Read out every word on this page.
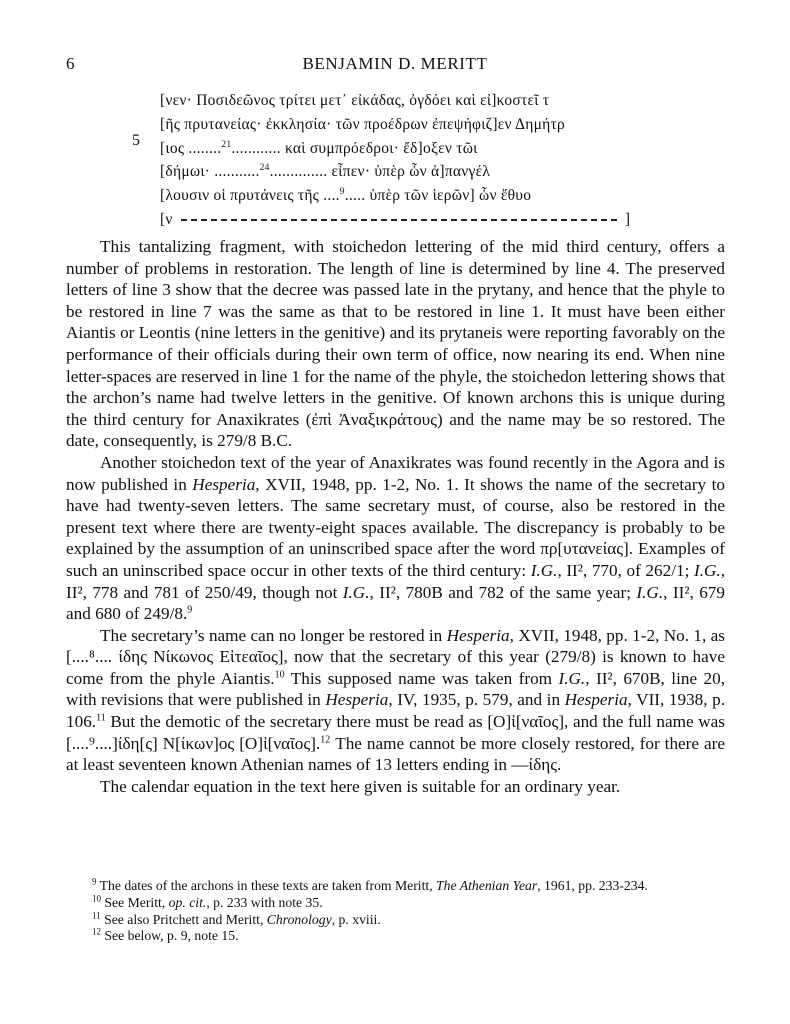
BENJAMIN D. MERITT
6
5
[νεν· Ποσιδεῶνος τρίτει μετ᾽ εἰκάδας, ὀγδόει καὶ εἰ]κοστεῖ τ
[ῆς πρυτανείας· ἐκκλησία· τῶν προέδρων ἐπεψήφιζ]εν Δημήτρ
[ιος ........$^{21}$............ καὶ συμπρόεδροι· ἔδ]οξεν τῶι
[δήμωι· ...........$^{24}$.............. εἶπεν· ὑπὲρ ὧν ἀ]πανγέλ
[λουσιν οἱ πρυτάνεις τῆς ....$^9$..... ὑπὲρ τῶν ἱερῶν] ὧν ἔθυο
[ν	]

This tantalizing fragment, with stoichedon lettering of the mid third century, offers a number of problems in restoration. The length of line is determined by line 4. The preserved letters of line 3 show that the decree was passed late in the prytany, and hence that the phyle to be restored in line 7 was the same as that to be restored in line 1. It must have been either Aiantis or Leontis (nine letters in the genitive) and its prytaneis were reporting favorably on the performance of their officials during their own term of office, now nearing its end. When nine letter-spaces are reserved in line 1 for the name of the phyle, the stoichedon lettering shows that the archon’s name had twelve letters in the genitive. Of known archons this is unique during the third century for Anaxikrates (ἐπὶ Ἀναξικράτους) and the name may be so restored. The date, consequently, is 279/8 B.C.

Another stoichedon text of the year of Anaxikrates was found recently in the Agora and is now published in Hesperia, XVII, 1948, pp. 1-2, No. 1. It shows the name of the secretary to have had twenty-seven letters. The same secretary must, of course, also be restored in the present text where there are twenty-eight spaces available. The discrepancy is probably to be explained by the assumption of an uninscribed space after the word πρ[υτανείας]. Examples of such an uninscribed space occur in other texts of the third century: I.G., II², 770, of 262/1; I.G., II², 778 and 781 of 250/49, though not I.G., II², 780B and 782 of the same year; I.G., II², 679 and 680 of 249/8.$^9$

The secretary’s name can no longer be restored in Hesperia, XVII, 1948, pp. 1-2, No. 1, as [....⁸.... ίδης Νίκωνος Εἰτεαῖος], now that the secretary of this year (279/8) is known to have come from the phyle Aiantis.$^{10}$ This supposed name was taken from I.G., II², 670B, line 20, with revisions that were published in Hesperia, IV, 1935, p. 579, and in Hesperia, VII, 1938, p. 106.11 But the demotic of the secretary there must be read as [Ο]ἰ[ναῖος], and the full name was [....⁹....]ίδη[ς] Ν[ίκων]ος [Ο]ἰ[ναῖος].$^{12}$ The name cannot be more closely restored, for there are at least seventeen known Athenian names of 13 letters ending in —ίδης.

The calendar equation in the text here given is suitable for an ordinary year.

$^9$ The dates of the archons in these texts are taken from Meritt, The Athenian Year, 1961, pp. 233-234.

$^{10}$ See Meritt, op. cit., p. 233 with note 35.

$^{11}$ See also Pritchett and Meritt, Chronology, p. xviii.

$^{12}$ See below, p. 9, note 15.
